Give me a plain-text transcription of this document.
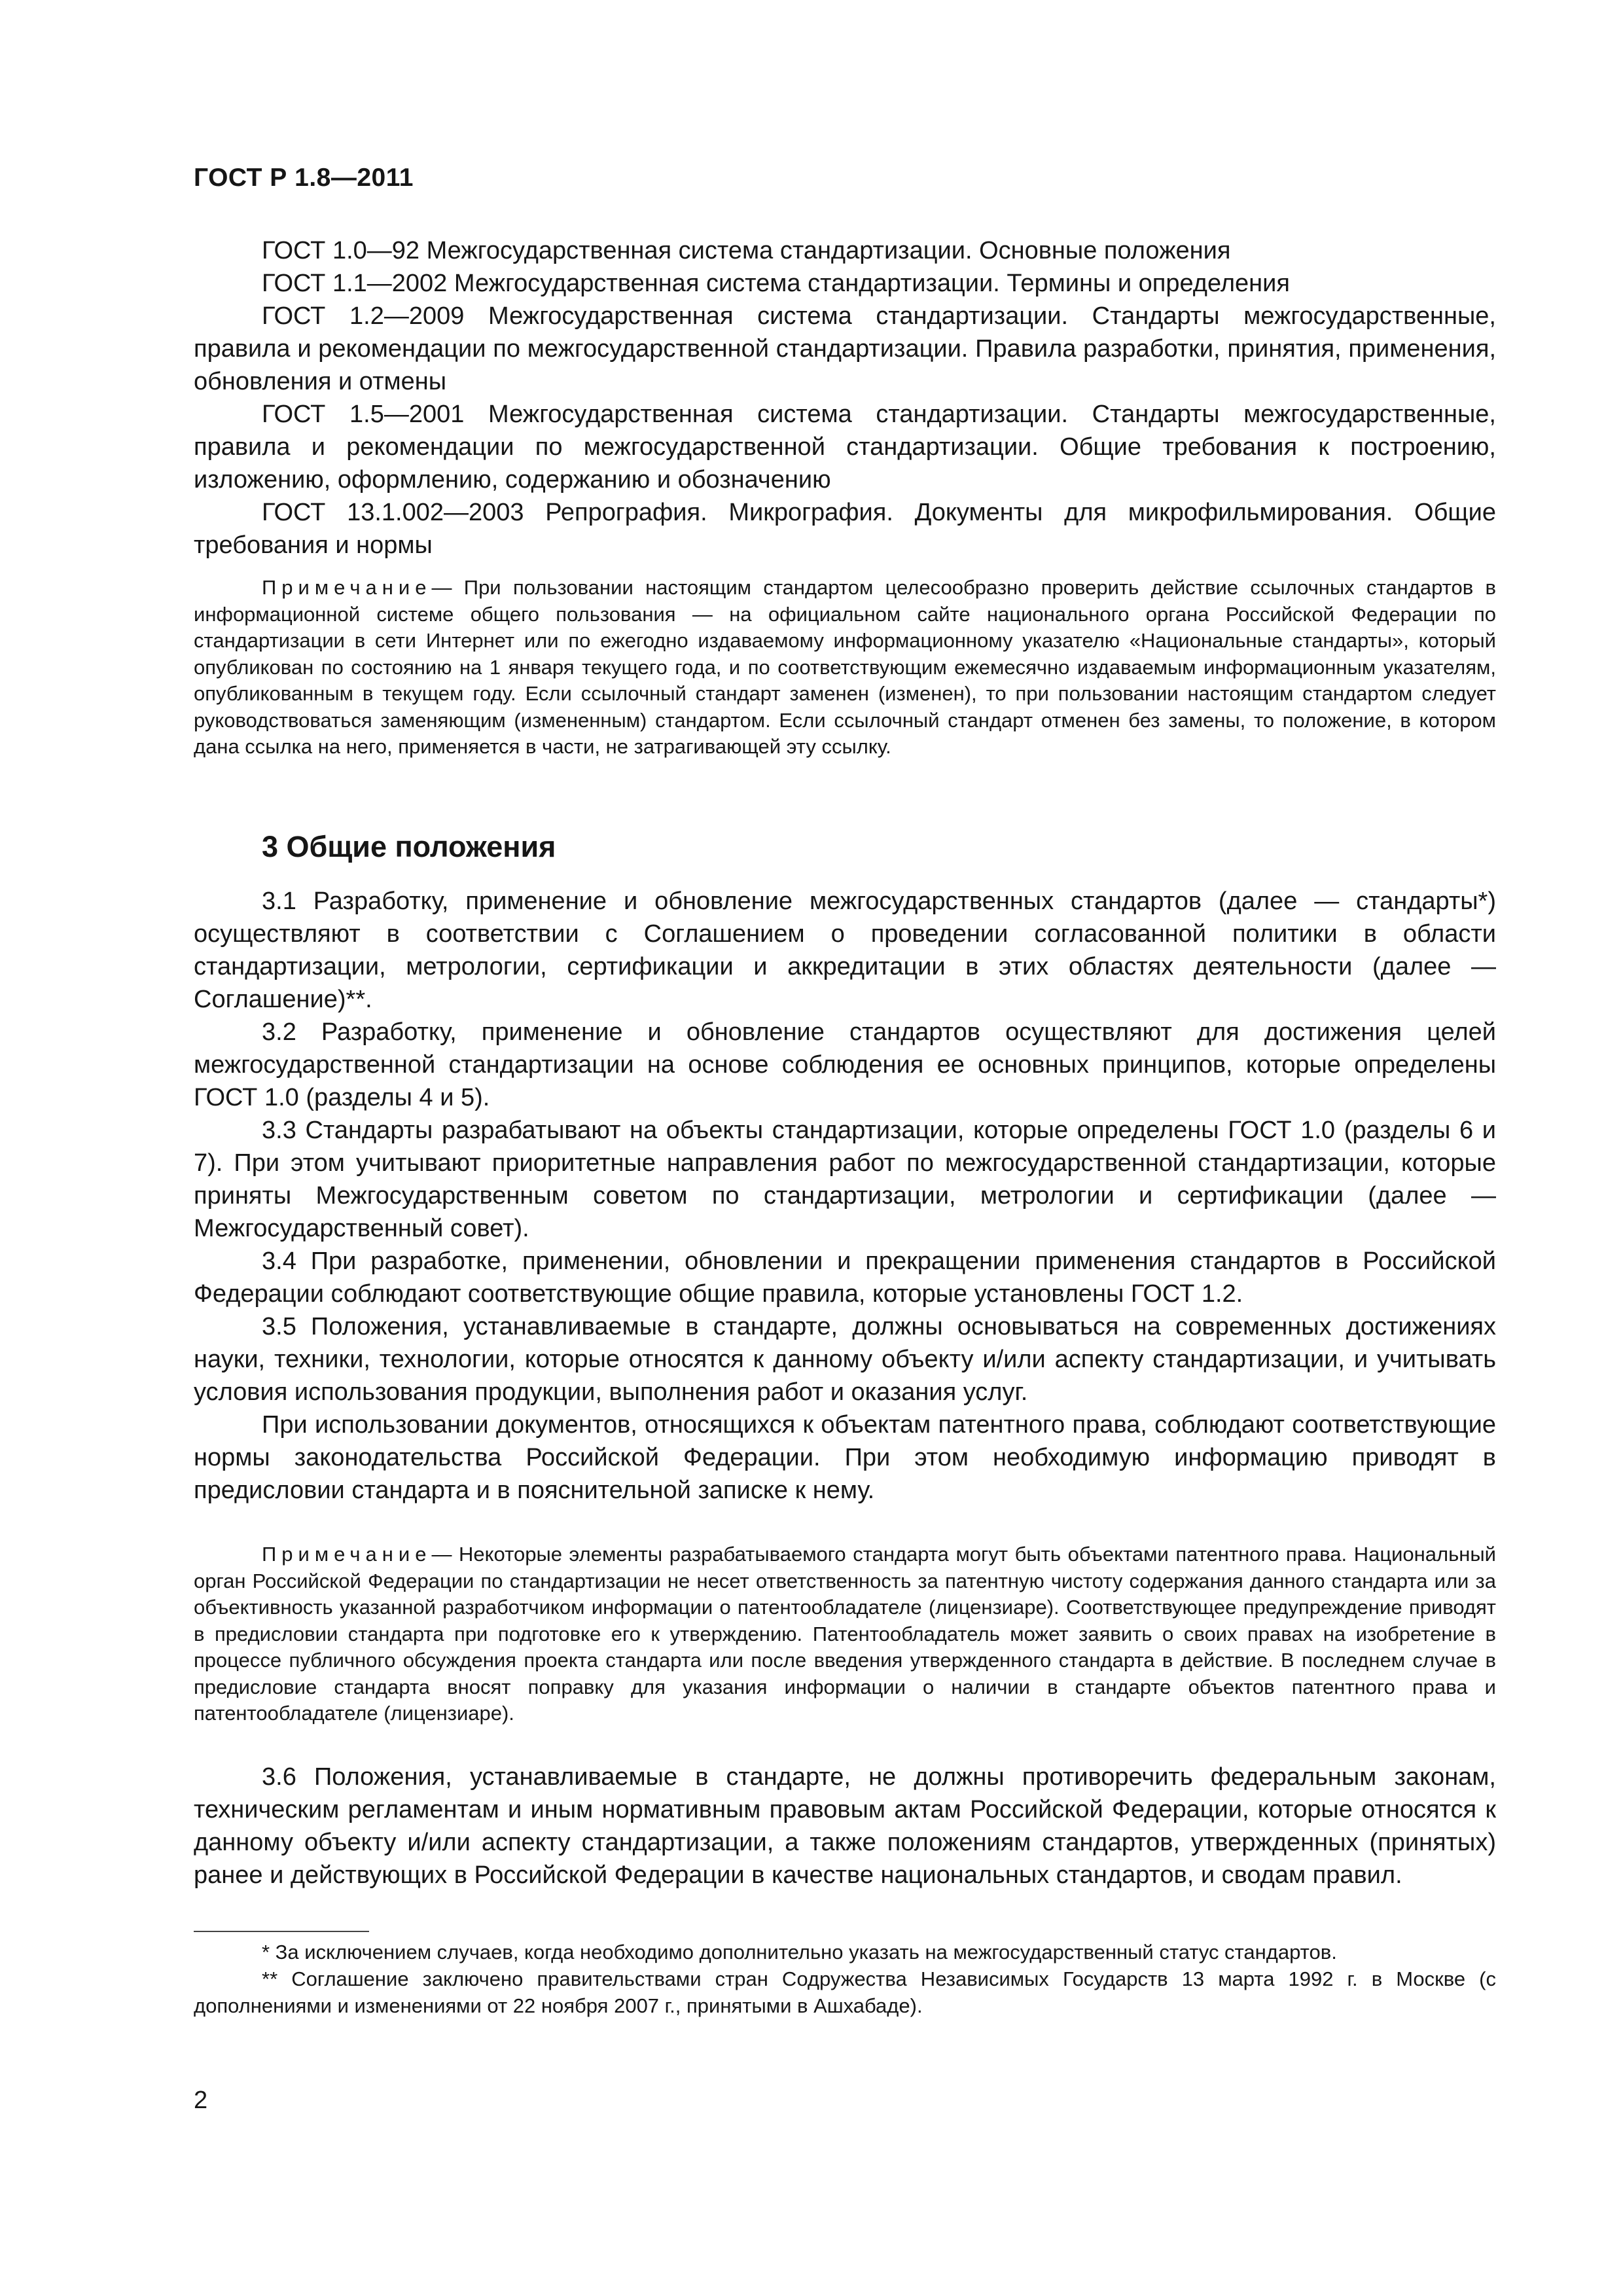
ГОСТ Р 1.8—2011

ГОСТ 1.0—92 Межгосударственная система стандартизации. Основные положения

ГОСТ 1.1—2002 Межгосударственная система стандартизации. Термины и определения

ГОСТ 1.2—2009 Межгосударственная система стандартизации. Стандарты межгосударственные, правила и рекомендации по межгосударственной стандартизации. Правила разработки, принятия, применения, обновления и отмены

ГОСТ 1.5—2001 Межгосударственная система стандартизации. Стандарты межгосударственные, правила и рекомендации по межгосударственной стандартизации. Общие требования к построению, изложению, оформлению, содержанию и обозначению

ГОСТ 13.1.002—2003 Репрография. Микрография. Документы для микрофильмирования. Общие требования и нормы

Примечание— При пользовании настоящим стандартом целесообразно проверить действие ссылочных стандартов в информационной системе общего пользования — на официальном сайте национального органа Российской Федерации по стандартизации в сети Интернет или по ежегодно издаваемому информационному указателю «Национальные стандарты», который опубликован по состоянию на 1 января текущего года, и по соответствующим ежемесячно издаваемым информационным указателям, опубликованным в текущем году. Если ссылочный стандарт заменен (изменен), то при пользовании настоящим стандартом следует руководствоваться заменяющим (измененным) стандартом. Если ссылочный стандарт отменен без замены, то положение, в котором дана ссылка на него, применяется в части, не затрагивающей эту ссылку.

3 Общие положения

3.1 Разработку, применение и обновление межгосударственных стандартов (далее — стандарты*) осуществляют в соответствии с Соглашением о проведении согласованной политики в области стандартизации, метрологии, сертификации и аккредитации в этих областях деятельности (далее — Соглашение)**.

3.2 Разработку, применение и обновление стандартов осуществляют для достижения целей межгосударственной стандартизации на основе соблюдения ее основных принципов, которые определены ГОСТ 1.0 (разделы 4 и 5).

3.3 Стандарты разрабатывают на объекты стандартизации, которые определены ГОСТ 1.0 (разделы 6 и 7). При этом учитывают приоритетные направления работ по межгосударственной стандартизации, которые приняты Межгосударственным советом по стандартизации, метрологии и сертификации (далее — Межгосударственный совет).

3.4 При разработке, применении, обновлении и прекращении применения стандартов в Российской Федерации соблюдают соответствующие общие правила, которые установлены ГОСТ 1.2.

3.5 Положения, устанавливаемые в стандарте, должны основываться на современных достижениях науки, техники, технологии, которые относятся к данному объекту и/или аспекту стандартизации, и учитывать условия использования продукции, выполнения работ и оказания услуг.

При использовании документов, относящихся к объектам патентного права, соблюдают соответствующие нормы законодательства Российской Федерации. При этом необходимую информацию приводят в предисловии стандарта и в пояснительной записке к нему.

Примечание— Некоторые элементы разрабатываемого стандарта могут быть объектами патентного права. Национальный орган Российской Федерации по стандартизации не несет ответственность за патентную чистоту содержания данного стандарта или за объективность указанной разработчиком информации о патентообладателе (лицензиаре). Соответствующее предупреждение приводят в предисловии стандарта при подготовке его к утверждению. Патентообладатель может заявить о своих правах на изобретение в процессе публичного обсуждения проекта стандарта или после введения утвержденного стандарта в действие. В последнем случае в предисловие стандарта вносят поправку для указания информации о наличии в стандарте объектов патентного права и патентообладателе (лицензиаре).

3.6 Положения, устанавливаемые в стандарте, не должны противоречить федеральным законам, техническим регламентам и иным нормативным правовым актам Российской Федерации, которые относятся к данному объекту и/или аспекту стандартизации, а также положениям стандартов, утвержденных (принятых) ранее и действующих в Российской Федерации в качестве национальных стандартов, и сводам правил.

* За исключением случаев, когда необходимо дополнительно указать на межгосударственный статус стандартов.

** Соглашение заключено правительствами стран Содружества Независимых Государств 13 марта 1992 г. в Москве (с дополнениями и изменениями от 22 ноября 2007 г., принятыми в Ашхабаде).

2
